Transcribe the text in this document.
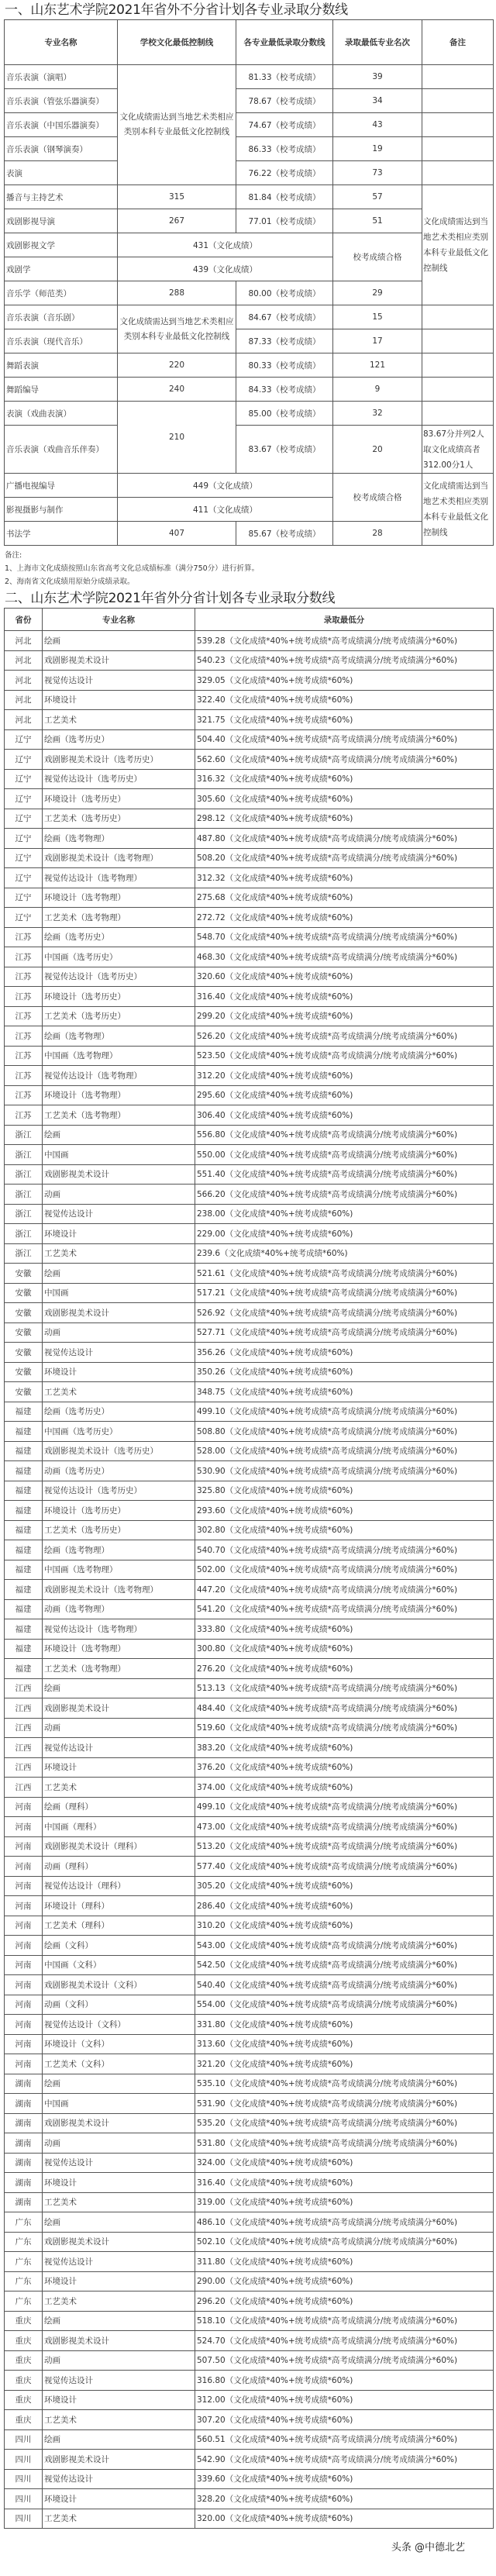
一、山东艺术学院2021年省外不分省计划各专业录取分数线
专业名称	学校文化最低控制线	各专业最低录取分数线	录取最低专业名次	备注
音乐表演（演唱）	文化成绩需达到当地艺术类相应类别本科专业最低文化控制线	81.33（校考成绩）	39	
音乐表演（管弦乐器演奏）		78.67（校考成绩）	34	
音乐表演（中国乐器演奏）		74.67（校考成绩）	43	
音乐表演（钢琴演奏）		86.33（校考成绩）	19	
表演		76.22（校考成绩）	73	
播音与主持艺术	315	81.84（校考成绩）	57	文化成绩需达到当地艺术类相应类别本科专业最低文化控制线
戏剧影视导演	267	77.01（校考成绩）	51	
戏剧影视文学	431（文化成绩）		校考成绩合格	
戏剧学	439（文化成绩）			
音乐学（师范类）	288	80.00（校考成绩）	29	
音乐表演（音乐剧）	文化成绩需达到当地艺术类相应类别本科专业最低文化控制线	84.67（校考成绩）	15	
音乐表演（现代音乐）		87.33（校考成绩）	17	
舞蹈表演	220	80.33（校考成绩）	121	
舞蹈编导	240	84.33（校考成绩）	9	
表演（戏曲表演）	210	85.00（校考成绩）	32	
音乐表演（戏曲音乐伴奏）		83.67（校考成绩）	20	83.67分并列2人取文化成绩高者312.00分1人
广播电视编导	449（文化成绩）		校考成绩合格	文化成绩需达到当地艺术类相应类别本科专业最低文化控制线
影视摄影与制作	411（文化成绩）			
书法学	407	85.67（校考成绩）	28	
备注:
1、上海市文化成绩按照山东省高考文化总成绩标准（满分750分）进行折算。
2、海南省文化成绩用原始分成绩录取。
二、山东艺术学院2021年省外分省计划各专业录取分数线
省份	专业名称	录取最低分
河北	绘画	539.28（文化成绩*40%+统考成绩*高考成绩满分/统考成绩满分*60%)
河北	戏剧影视美术设计	540.23（文化成绩*40%+统考成绩*高考成绩满分/统考成绩满分*60%)
河北	视觉传达设计	329.05（文化成绩*40%+统考成绩*60%)
河北	环境设计	322.40（文化成绩*40%+统考成绩*60%)
河北	工艺美术	321.75（文化成绩*40%+统考成绩*60%)
辽宁	绘画（选考历史）	504.40（文化成绩*40%+统考成绩*高考成绩满分/统考成绩满分*60%)
辽宁	戏剧影视美术设计（选考历史）	562.60（文化成绩*40%+统考成绩*高考成绩满分/统考成绩满分*60%)
辽宁	视觉传达设计（选考历史）	316.32（文化成绩*40%+统考成绩*60%)
辽宁	环境设计（选考历史）	305.60（文化成绩*40%+统考成绩*60%)
辽宁	工艺美术（选考历史）	298.12（文化成绩*40%+统考成绩*60%)
辽宁	绘画（选考物理）	487.80（文化成绩*40%+统考成绩*高考成绩满分/统考成绩满分*60%)
辽宁	戏剧影视美术设计（选考物理）	508.20（文化成绩*40%+统考成绩*高考成绩满分/统考成绩满分*60%)
辽宁	视觉传达设计（选考物理）	312.32（文化成绩*40%+统考成绩*60%)
辽宁	环境设计（选考物理）	275.68（文化成绩*40%+统考成绩*60%)
辽宁	工艺美术（选考物理）	272.72（文化成绩*40%+统考成绩*60%)
江苏	绘画（选考历史）	548.70（文化成绩*40%+统考成绩*高考成绩满分/统考成绩满分*60%)
江苏	中国画（选考历史）	468.30（文化成绩*40%+统考成绩*高考成绩满分/统考成绩满分*60%)
江苏	视觉传达设计（选考历史）	320.60（文化成绩*40%+统考成绩*60%)
江苏	环境设计（选考历史）	316.40（文化成绩*40%+统考成绩*60%)
江苏	工艺美术（选考历史）	299.20（文化成绩*40%+统考成绩*60%)
江苏	绘画（选考物理）	526.20（文化成绩*40%+统考成绩*高考成绩满分/统考成绩满分*60%)
江苏	中国画（选考物理）	523.50（文化成绩*40%+统考成绩*高考成绩满分/统考成绩满分*60%)
江苏	视觉传达设计（选考物理）	312.20（文化成绩*40%+统考成绩*60%)
江苏	环境设计（选考物理）	295.60（文化成绩*40%+统考成绩*60%)
江苏	工艺美术（选考物理）	306.40（文化成绩*40%+统考成绩*60%)
浙江	绘画	556.80（文化成绩*40%+统考成绩*高考成绩满分/统考成绩满分*60%)
浙江	中国画	550.00（文化成绩*40%+统考成绩*高考成绩满分/统考成绩满分*60%)
浙江	戏剧影视美术设计	551.40（文化成绩*40%+统考成绩*高考成绩满分/统考成绩满分*60%)
浙江	动画	566.20（文化成绩*40%+统考成绩*高考成绩满分/统考成绩满分*60%)
浙江	视觉传达设计	238.00（文化成绩*40%+统考成绩*60%)
浙江	环境设计	229.00（文化成绩*40%+统考成绩*60%)
浙江	工艺美术	239.6（文化成绩*40%+统考成绩*60%)
安徽	绘画	521.61（文化成绩*40%+统考成绩*高考成绩满分/统考成绩满分*60%)
安徽	中国画	517.21（文化成绩*40%+统考成绩*高考成绩满分/统考成绩满分*60%)
安徽	戏剧影视美术设计	526.92（文化成绩*40%+统考成绩*高考成绩满分/统考成绩满分*60%)
安徽	动画	527.71（文化成绩*40%+统考成绩*高考成绩满分/统考成绩满分*60%)
安徽	视觉传达设计	356.26（文化成绩*40%+统考成绩*60%)
安徽	环境设计	350.26（文化成绩*40%+统考成绩*60%)
安徽	工艺美术	348.75（文化成绩*40%+统考成绩*60%)
福建	绘画（选考历史）	499.10（文化成绩*40%+统考成绩*高考成绩满分/统考成绩满分*60%)
福建	中国画（选考历史）	508.80（文化成绩*40%+统考成绩*高考成绩满分/统考成绩满分*60%)
福建	戏剧影视美术设计（选考历史）	528.00（文化成绩*40%+统考成绩*高考成绩满分/统考成绩满分*60%)
福建	动画（选考历史）	530.90（文化成绩*40%+统考成绩*高考成绩满分/统考成绩满分*60%)
福建	视觉传达设计（选考历史）	325.80（文化成绩*40%+统考成绩*60%)
福建	环境设计（选考历史）	293.60（文化成绩*40%+统考成绩*60%)
福建	工艺美术（选考历史）	302.80（文化成绩*40%+统考成绩*60%)
福建	绘画（选考物理）	540.70（文化成绩*40%+统考成绩*高考成绩满分/统考成绩满分*60%)
福建	中国画（选考物理）	502.00（文化成绩*40%+统考成绩*高考成绩满分/统考成绩满分*60%)
福建	戏剧影视美术设计（选考物理）	447.20（文化成绩*40%+统考成绩*高考成绩满分/统考成绩满分*60%)
福建	动画（选考物理）	541.20（文化成绩*40%+统考成绩*高考成绩满分/统考成绩满分*60%)
福建	视觉传达设计（选考物理）	333.80（文化成绩*40%+统考成绩*60%)
福建	环境设计（选考物理）	300.80（文化成绩*40%+统考成绩*60%)
福建	工艺美术（选考物理）	276.20（文化成绩*40%+统考成绩*60%)
江西	绘画	513.13（文化成绩*40%+统考成绩*高考成绩满分/统考成绩满分*60%)
江西	戏剧影视美术设计	484.40（文化成绩*40%+统考成绩*高考成绩满分/统考成绩满分*60%)
江西	动画	519.60（文化成绩*40%+统考成绩*高考成绩满分/统考成绩满分*60%)
江西	视觉传达设计	383.20（文化成绩*40%+统考成绩*60%)
江西	环境设计	376.20（文化成绩*40%+统考成绩*60%)
江西	工艺美术	374.00（文化成绩*40%+统考成绩*60%)
河南	绘画（理科）	499.10（文化成绩*40%+统考成绩*高考成绩满分/统考成绩满分*60%)
河南	中国画（理科）	473.00（文化成绩*40%+统考成绩*高考成绩满分/统考成绩满分*60%)
河南	戏剧影视美术设计（理科）	513.20（文化成绩*40%+统考成绩*高考成绩满分/统考成绩满分*60%)
河南	动画（理科）	577.40（文化成绩*40%+统考成绩*高考成绩满分/统考成绩满分*60%)
河南	视觉传达设计（理科）	305.20（文化成绩*40%+统考成绩*60%)
河南	环境设计（理科）	286.40（文化成绩*40%+统考成绩*60%)
河南	工艺美术（理科）	310.20（文化成绩*40%+统考成绩*60%)
河南	绘画（文科）	543.00（文化成绩*40%+统考成绩*高考成绩满分/统考成绩满分*60%)
河南	中国画（文科）	542.50（文化成绩*40%+统考成绩*高考成绩满分/统考成绩满分*60%)
河南	戏剧影视美术设计（文科）	540.40（文化成绩*40%+统考成绩*高考成绩满分/统考成绩满分*60%)
河南	动画（文科）	554.00（文化成绩*40%+统考成绩*高考成绩满分/统考成绩满分*60%)
河南	视觉传达设计（文科）	331.80（文化成绩*40%+统考成绩*60%)
河南	环境设计（文科）	313.60（文化成绩*40%+统考成绩*60%)
河南	工艺美术（文科）	321.20（文化成绩*40%+统考成绩*60%)
湖南	绘画	535.10（文化成绩*40%+统考成绩*高考成绩满分/统考成绩满分*60%)
湖南	中国画	531.90（文化成绩*40%+统考成绩*高考成绩满分/统考成绩满分*60%)
湖南	戏剧影视美术设计	535.20（文化成绩*40%+统考成绩*高考成绩满分/统考成绩满分*60%)
湖南	动画	531.80（文化成绩*40%+统考成绩*高考成绩满分/统考成绩满分*60%)
湖南	视觉传达设计	324.00（文化成绩*40%+统考成绩*60%)
湖南	环境设计	316.40（文化成绩*40%+统考成绩*60%)
湖南	工艺美术	319.00（文化成绩*40%+统考成绩*60%)
广东	绘画	486.10（文化成绩*40%+统考成绩*高考成绩满分/统考成绩满分*60%)
广东	戏剧影视美术设计	502.10（文化成绩*40%+统考成绩*高考成绩满分/统考成绩满分*60%)
广东	视觉传达设计	311.80（文化成绩*40%+统考成绩*60%)
广东	环境设计	290.00（文化成绩*40%+统考成绩*60%)
广东	工艺美术	296.20（文化成绩*40%+统考成绩*60%)
重庆	绘画	518.10（文化成绩*40%+统考成绩*高考成绩满分/统考成绩满分*60%)
重庆	戏剧影视美术设计	524.70（文化成绩*40%+统考成绩*高考成绩满分/统考成绩满分*60%)
重庆	动画	507.50（文化成绩*40%+统考成绩*高考成绩满分/统考成绩满分*60%)
重庆	视觉传达设计	316.80（文化成绩*40%+统考成绩*60%)
重庆	环境设计	312.00（文化成绩*40%+统考成绩*60%)
重庆	工艺美术	307.20（文化成绩*40%+统考成绩*60%)
四川	绘画	560.51（文化成绩*40%+统考成绩*高考成绩满分/统考成绩满分*60%)
四川	戏剧影视美术设计	542.90（文化成绩*40%+统考成绩*高考成绩满分/统考成绩满分*60%)
四川	视觉传达设计	339.60（文化成绩*40%+统考成绩*60%)
四川	环境设计	328.20（文化成绩*40%+统考成绩*60%)
四川	工艺美术	320.00（文化成绩*40%+统考成绩*60%)
头条 @中德北艺
